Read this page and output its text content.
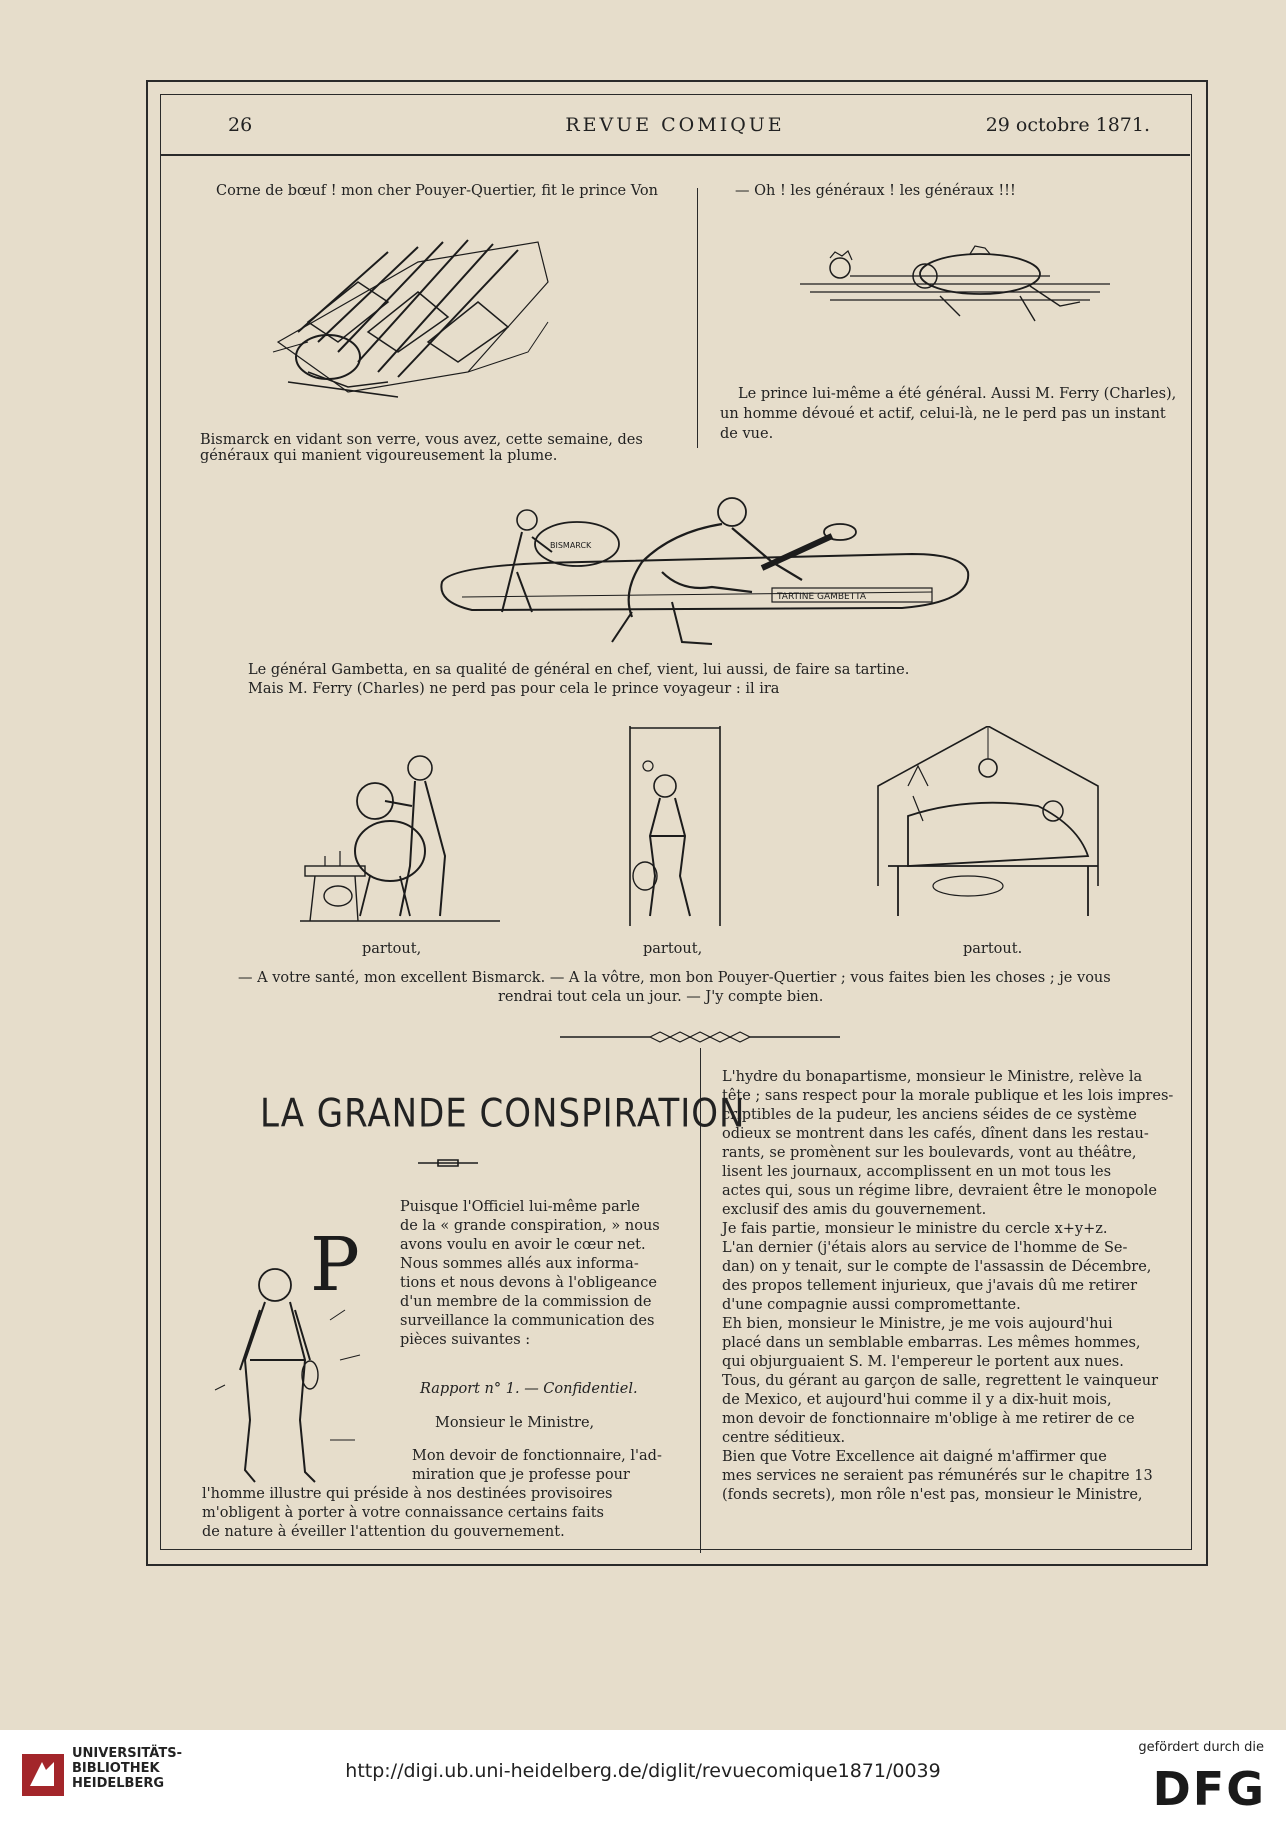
REVUE COMIQUE
26	29 octobre 1871.
Corne de bœuf ! mon cher Pouyer-Quertier, fit le prince Von
Bismarck en vidant son verre, vous avez, cette semaine, des
généraux qui manient vigoureusement la plume.
— Oh ! les généraux ! les généraux !!!
Le prince lui-même a été général. Aussi M. Ferry (Charles),
un homme dévoué et actif, celui-là, ne le perd pas un instant
de vue.
TARTINE GAMBETTA
BISMARCK
Le général Gambetta, en sa qualité de général en chef, vient, lui aussi, de faire sa tartine.
Mais M. Ferry (Charles) ne perd pas pour cela le prince voyageur : il ira
partout,	partout,	partout.
— A votre santé, mon excellent Bismarck. — A la vôtre, mon bon Pouyer-Quertier ; vous faites bien les choses ; je vous
rendrai tout cela un jour. — J'y compte bien.
LA GRANDE CONSPIRATION
P
Puisque l'Officiel lui-même parle
de la « grande conspiration, » nous
avons voulu en avoir le cœur net.
Nous sommes allés aux informa-
tions et nous devons à l'obligeance
d'un membre de la commission de
surveillance la communication des
pièces suivantes :
Rapport n° 1. — Confidentiel.
Monsieur le Ministre,
Mon devoir de fonctionnaire, l'ad-
miration que je professe pour
l'homme illustre qui préside à nos destinées provisoires
m'obligent à porter à votre connaissance certains faits
de nature à éveiller l'attention du gouvernement.
L'hydre du bonapartisme, monsieur le Ministre, relève la
tête ; sans respect pour la morale publique et les lois impres-
criptibles de la pudeur, les anciens séides de ce système
odieux se montrent dans les cafés, dînent dans les restau-
rants, se promènent sur les boulevards, vont au théâtre,
lisent les journaux, accomplissent en un mot tous les
actes qui, sous un régime libre, devraient être le monopole
exclusif des amis du gouvernement.
Je fais partie, monsieur le ministre du cercle x+y+z.
L'an dernier (j'étais alors au service de l'homme de Se-
dan) on y tenait, sur le compte de l'assassin de Décembre,
des propos tellement injurieux, que j'avais dû me retirer
d'une compagnie aussi compromettante.
Eh bien, monsieur le Ministre, je me vois aujourd'hui
placé dans un semblable embarras. Les mêmes hommes,
qui objurguaient S. M. l'empereur le portent aux nues.
Tous, du gérant au garçon de salle, regrettent le vainqueur
de Mexico, et aujourd'hui comme il y a dix-huit mois,
mon devoir de fonctionnaire m'oblige à me retirer de ce
centre séditieux.
Bien que Votre Excellence ait daigné m'affirmer que
mes services ne seraient pas rémunérés sur le chapitre 13
(fonds secrets), mon rôle n'est pas, monsieur le Ministre,
UNIVERSITÄTS-
BIBLIOTHEK
HEIDELBERG
http://digi.ub.uni-heidelberg.de/diglit/revuecomique1871/0039
gefördert durch die
DFG
